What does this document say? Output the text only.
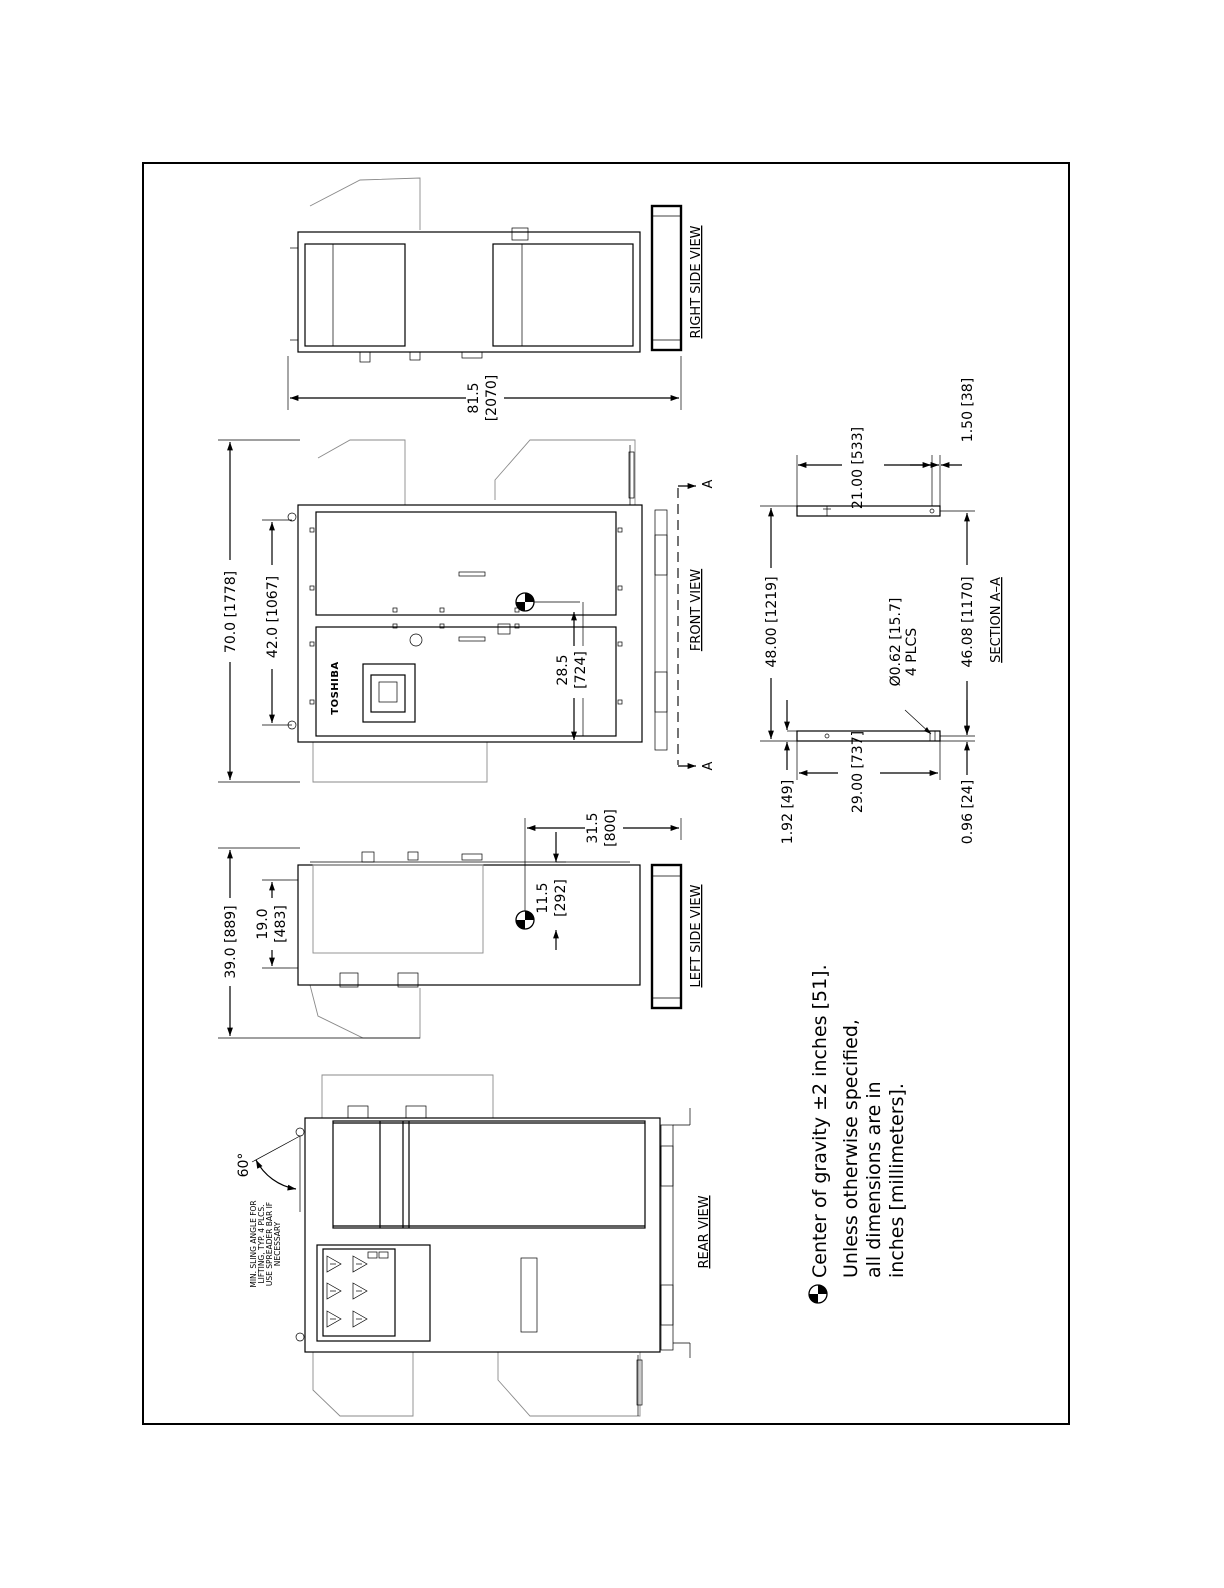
81.5 [2070]
RIGHT SIDE VIEW
TOSHIBA
70.0 [1778] 42.0 [1067]
28.5 [724]
FRONT VIEW
A
A
39.0 [889] 19.0 [483]
31.5 [800]
11.5 [292]	LEFT SIDE VIEW
60°
MIN. SLING ANGLE FOR LIFTING, TYP. 4 PLCS. USE SPREADER BAR IF NECESSARY	REAR VIEW
48.00 [1219]
1.92 [49]	29.00 [737]	0.96 [24]
46.08 [1170]
Ø0.62 [15.7] 4 PLCS
21.00 [533]
1.50 [38]
SECTION A–A
Center of gravity ±2 inches [51]. Unless otherwise specified, all dimensions are in inches [millimeters].
